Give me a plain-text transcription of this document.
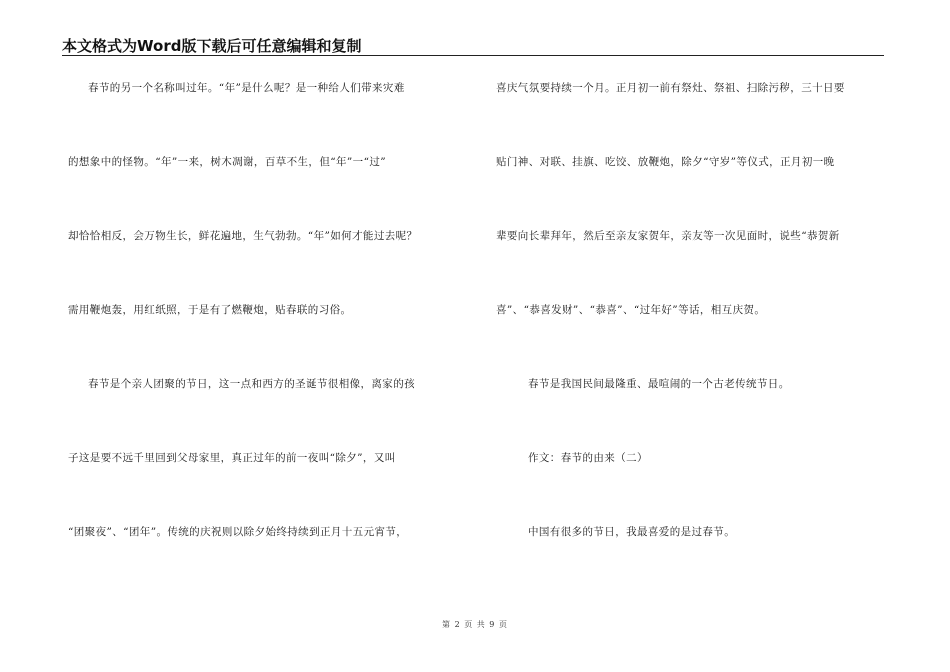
本文格式为Word版下载后可任意编辑和复制
春节的另一个名称叫过年。“年”是什么呢？是一种给人们带来灾难
的想象中的怪物。“年”一来，树木凋谢，百草不生，但“年”一“过”
却恰恰相反，会万物生长，鲜花遍地，生气勃勃。“年”如何才能过去呢？
需用鞭炮轰，用红纸照，于是有了燃鞭炮，贴春联的习俗。
春节是个亲人团聚的节日，这一点和西方的圣诞节很相像，离家的孩
子这是要不远千里回到父母家里，真正过年的前一夜叫“除夕”，又叫
“团聚夜”、“团年”。传统的庆祝则以除夕始终持续到正月十五元宵节，
喜庆气氛要持续一个月。正月初一前有祭灶、祭祖、扫除污秽，三十日要
贴门神、对联、挂旗、吃饺、放鞭炮，除夕“守岁”等仪式，正月初一晚
辈要向长辈拜年，然后至亲友家贺年，亲友等一次见面时，说些“恭贺新
喜”、“恭喜发财”、“恭喜”、“过年好”等话，相互庆贺。
春节是我国民间最隆重、最喧闹的一个古老传统节日。
作文：春节的由来（二）
中国有很多的节日，我最喜爱的是过春节。
第 2 页 共 9 页
